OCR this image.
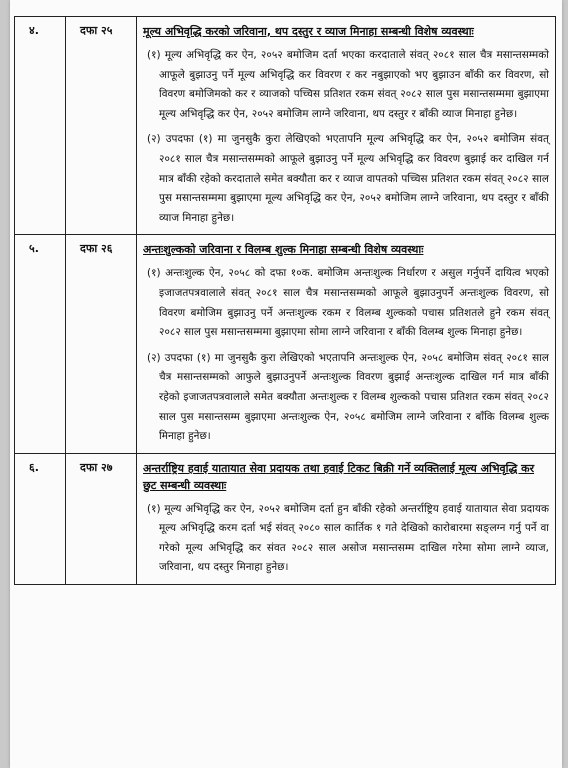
४.	दफा २५	मूल्य अभिवृद्धि करको जरिवाना, थप दस्तुर र व्याज मिनाहा सम्बन्धी विशेष व्यवस्थाः
(१) मूल्य अभिवृद्धि कर ऐन, २०५२ बमोजिम दर्ता भएका करदाताले संवत् २०८१ साल चैत्र मसान्तसम्मको आफूले बुझाउनु पर्ने मूल्य अभिवृद्धि कर विवरण र कर नबुझाएको भए बुझाउन बाँकी कर विवरण, सो विवरण बमोजिमको कर र व्याजको पच्चिस प्रतिशत रकम संवत् २०८२ साल पुस मसान्तसम्ममा बुझाएमा मूल्य अभिवृद्धि कर ऐन, २०५२ बमोजिम लाग्ने जरिवाना, थप दस्तुर र बाँकी व्याज मिनाहा हुनेछ।
(२) उपदफा (१) मा जुनसुकै कुरा लेखिएको भएतापनि मूल्य अभिवृद्धि कर ऐन, २०५२ बमोजिम संवत् २०८१ साल चैत्र मसान्तसम्मको आफूले बुझाउनु पर्ने मूल्य अभिवृद्धि कर विवरण बुझाई कर दाखिल गर्न मात्र बाँकी रहेको करदाताले समेत बक्यौता कर र व्याज वापतको पच्चिस प्रतिशत रकम संवत् २०८२ साल पुस मसान्तसम्ममा बुझाएमा मूल्य अभिवृद्धि कर ऐन, २०५२ बमोजिम लाग्ने जरिवाना, थप दस्तुर र बाँकी व्याज मिनाहा हुनेछ।

५.	दफा २६	अन्तःशुल्कको जरिवाना र विलम्ब शुल्क मिनाहा सम्बन्धी विशेष व्यवस्थाः
(१) अन्तःशुल्क ऐन, २०५८ को दफा १०क. बमोजिम अन्तःशुल्क निर्धारण र असुल गर्नुपर्ने दायित्व भएको इजाजतपत्रवालाले संवत् २०८१ साल चैत्र मसान्तसम्मको आफूले बुझाउनुपर्ने अन्तःशुल्क विवरण, सो विवरण बमोजिम बुझाउनु पर्ने अन्तःशुल्क रकम र विलम्ब शुल्कको पचास प्रतिशतले हुने रकम संवत् २०८२ साल पुस मसान्तसम्ममा बुझाएमा सोमा लाग्ने जरिवाना र बाँकी विलम्ब शुल्क मिनाहा हुनेछ।
(२) उपदफा (१) मा जुनसुकै कुरा लेखिएको भएतापनि अन्तःशुल्क ऐन, २०५८ बमोजिम संवत् २०८१ साल चैत्र मसान्तसम्मको आफुले बुझाउनुपर्ने अन्तःशुल्क विवरण बुझाई अन्तःशुल्क दाखिल गर्न मात्र बाँकी रहेको इजाजतपत्रवालाले समेत बक्यौता अन्तःशुल्क र विलम्ब शुल्कको पचास प्रतिशत रकम संवत् २०८२ साल पुस मसान्तसम्म बुझाएमा अन्तःशुल्क ऐन, २०५८ बमोजिम लाग्ने जरिवाना र बाँकि विलम्ब शुल्क मिनाहा हुनेछ।

६.	दफा २७	अन्तर्राष्ट्रिय हवाई यातायात सेवा प्रदायक तथा हवाई टिकट बिक्री गर्ने व्यक्तिलाई मूल्य अभिवृद्धि कर छुट सम्बन्धी व्यवस्थाः
(१) मूल्य अभिवृद्धि कर ऐन, २०५२ बमोजिम दर्ता हुन बाँकी रहेको अन्तर्राष्ट्रिय हवाई यातायात सेवा प्रदायक मूल्य अभिवृद्धि करम दर्ता भई संवत् २०८० साल कार्तिक १ गते देखिको कारोबारमा सङ्लग्न गर्नु पर्ने वा गरेको मूल्य अभिवृद्धि कर संवत २०८२ साल असोज मसान्तसम्म दाखिल गरेमा सोमा लाग्ने व्याज, जरिवाना, थप दस्तुर मिनाहा हुनेछ।
